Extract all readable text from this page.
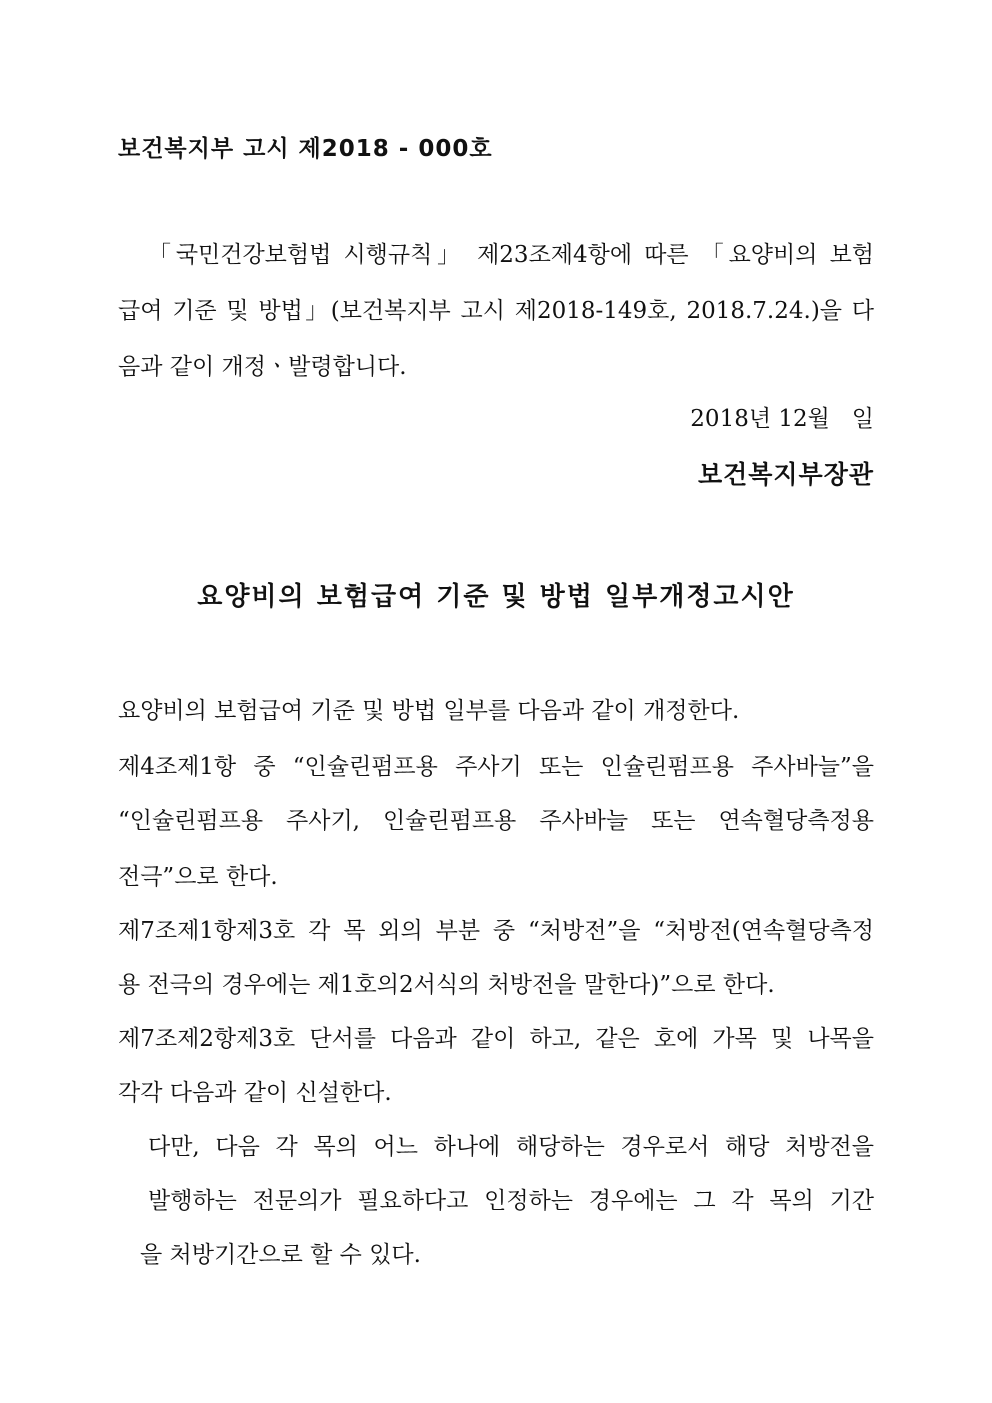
보건복지부 고시 제2018 - 000호
「국민건강보험법 시행규칙」 제23조제4항에 따른 「요양비의 보험
급여 기준 및 방법」(보건복지부 고시 제2018-149호, 2018.7.24.)을 다
음과 같이 개정ㆍ발령합니다.
2018년 12월   일
보건복지부장관
요양비의 보험급여 기준 및 방법 일부개정고시안
요양비의 보험급여 기준 및 방법 일부를 다음과 같이 개정한다.
제4조제1항 중 “인슐린펌프용 주사기 또는 인슐린펌프용 주사바늘”을
“인슐린펌프용 주사기, 인슐린펌프용 주사바늘 또는 연속혈당측정용
전극”으로 한다.
제7조제1항제3호 각 목 외의 부분 중 “처방전”을 “처방전(연속혈당측정
용 전극의 경우에는 제1호의2서식의 처방전을 말한다)”으로 한다.
제7조제2항제3호 단서를 다음과 같이 하고, 같은 호에 가목 및 나목을
각각 다음과 같이 신설한다.
다만, 다음 각 목의 어느 하나에 해당하는 경우로서 해당 처방전을
발행하는 전문의가 필요하다고 인정하는 경우에는 그 각 목의 기간
을 처방기간으로 할 수 있다.
